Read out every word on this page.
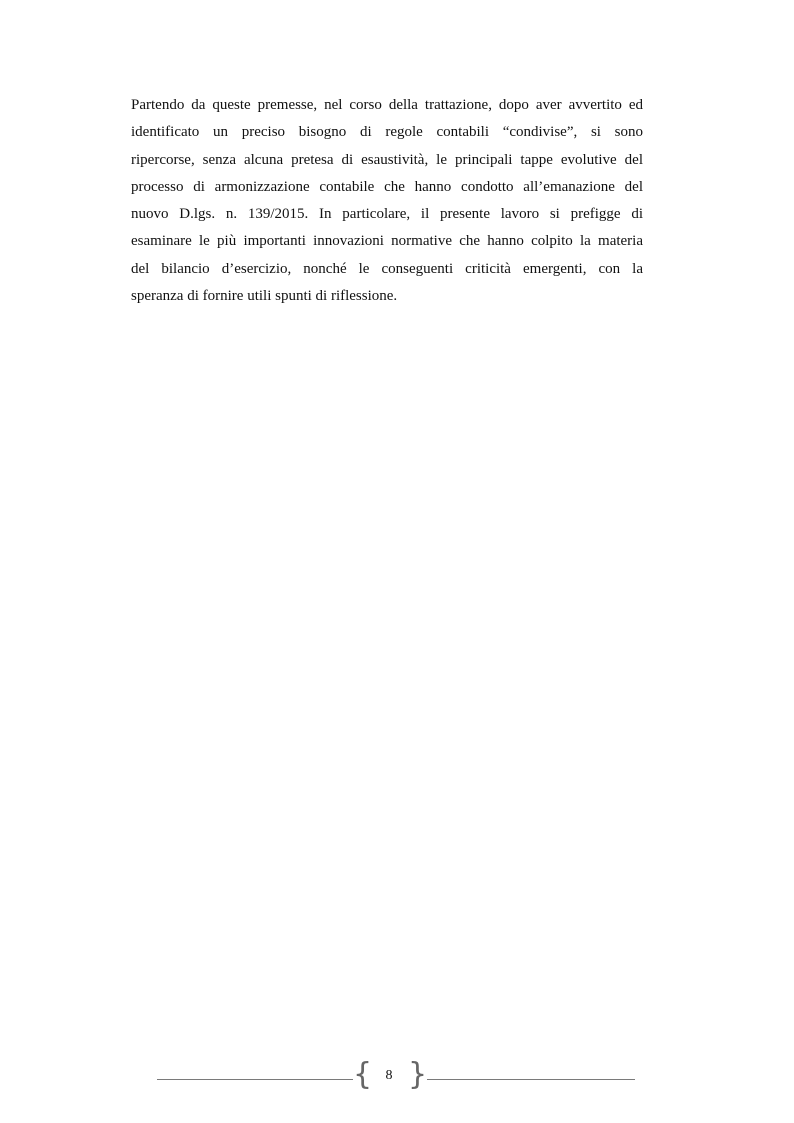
Partendo da queste premesse, nel corso della trattazione, dopo aver avvertito ed
identificato un preciso bisogno di regole contabili “condivise”, si sono
ripercorse, senza alcuna pretesa di esaustività, le principali tappe evolutive del
processo di armonizzazione contabile che hanno condotto all’emanazione del
nuovo D.lgs. n. 139/2015. In particolare, il presente lavoro si prefigge di
esaminare le più importanti innovazioni normative che hanno colpito la materia
del bilancio d’esercizio, nonché le conseguenti criticità emergenti, con la
speranza di fornire utili spunti di riflessione.
{ 8 }
